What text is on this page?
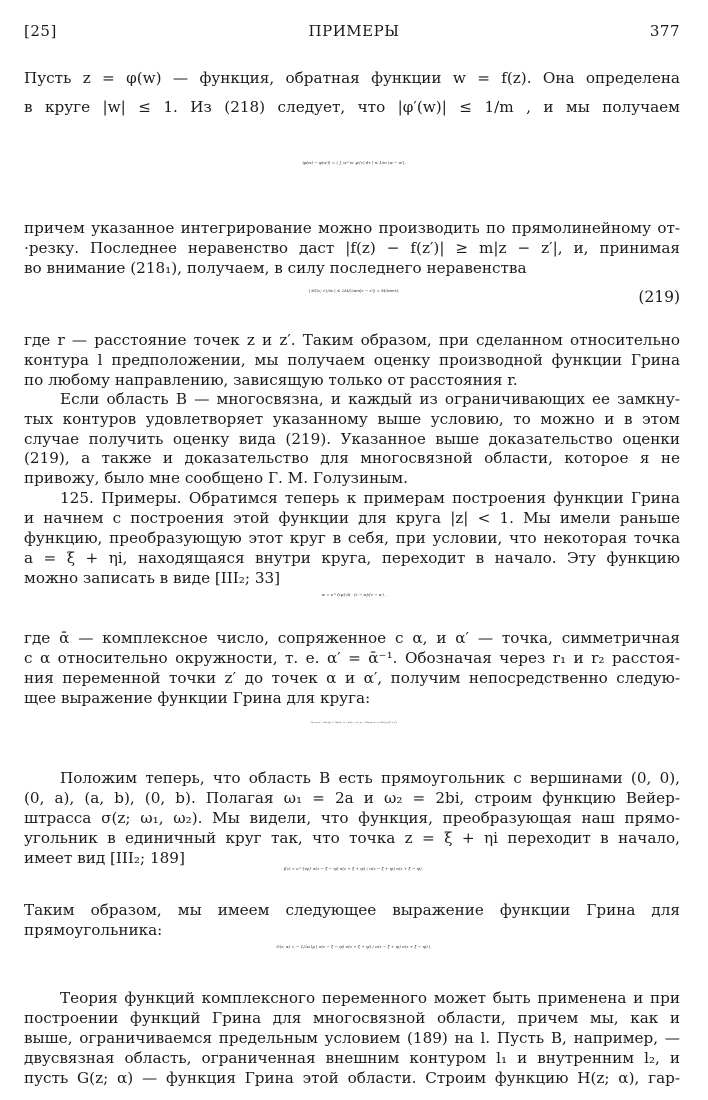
[25]	ПРИМЕРЫ	377
Пусть z = φ(w) — функция, обратная функции w = f(z). Она определена
в круге |w| ≤ 1. Из (218) следует, что |φ′(w)| ≤ 1/m , и мы получаем
|φ(w) − φ(w′)| = | ∫_w^w′ φ′(τ) dτ | ≤ 1/m |w − w′|,
причем указанное интегрирование можно производить по прямолинейному от-
·резку. Последнее неравенство даст |f(z) − f(z′)| ≥ m|z − z′|, и, принимая
во внимание (218₁), получаем, в силу последнего неравенства
| ∂G(z; z′)/∂x | ≤ 2M/(2πm|z − z′|) = M/(πmr),	(219)
где r — расстояние точек z и z′. Таким образом, при сделанном относительно
контура l предположении, мы получаем оценку производной функции Грина
по любому направлению, зависящую только от расстояния r.
Если область B — многосвязна, и каждый из ограничивающих ее замкну-
тых контуров удовлетворяет указанному выше условию, то можно и в этом
случае получить оценку вида (219). Указанное выше доказательство оценки
(219), а также и доказательство для многосвязной области, которое я не
привожу, было мне сообщено Г. М. Голузиным.
125. Примеры. Обратимся теперь к примерам построения функции Грина
и начнем с построения этой функции для круга |z| < 1. Мы имели раньше
функцию, преобразующую этот круг в себя, при условии, что некоторая точка
a = ξ + ηi, находящаяся внутри круга, переходит в начало. Эту функцию
можно записать в виде [III₂; 33]
w = e^{iψ}/ᾱ · (z − α)/(z − α′) ,
где ᾱ — комплексное число, сопряженное с α, и α′ — точка, симметричная
с α относительно окружности, т. е. α′ = ᾱ⁻¹. Обозначая через r₁ и r₂ расстоя-
ния переменной точки z′ до точек α и α′, получим непосредственно следую-
щее выражение функции Грина для круга:
G(z; α) = − 1/2π lg | e^{iψ}/ᾱ · (z − α)/(z − α′) | = − 1/2π lg r₁/r₂ + 1/2π lg √(ξ² + η²).
Положим теперь, что область B есть прямоугольник с вершинами (0, 0),
(0, a), (a, b), (0, b). Полагая ω₁ = 2a и ω₂ = 2bi, строим функцию Вейер-
штрасса σ(z; ω₁, ω₂). Мы видели, что функция, преобразующая наш прямо-
угольник в единичный круг так, что точка z = ξ + ηi переходит в начало,
имеет вид [III₂; 189]
f(z) = e^{iψ} σ(z − ξ − ηi) σ(z + ξ + ηi) / σ(z − ξ + ηi) σ(z + ξ − ηi) .
Таким образом, мы имеем следующее выражение функции Грина для
прямоугольника:
G(z; α) = − 1/2π lg | σ(z − ξ − ηi) σ(z + ξ + ηi) / σ(z − ξ + ηi) σ(z + ξ − ηi) |.
Теория функций комплексного переменного может быть применена и при
построении функций Грина для многосвязной области, причем мы, как и
выше, ограничиваемся предельным условием (189) на l. Пусть B, например, —
двусвязная область, ограниченная внешним контуром l₁ и внутренним l₂, и
пусть G(z; α) — функция Грина этой области. Строим функцию H(z; α), гар-
